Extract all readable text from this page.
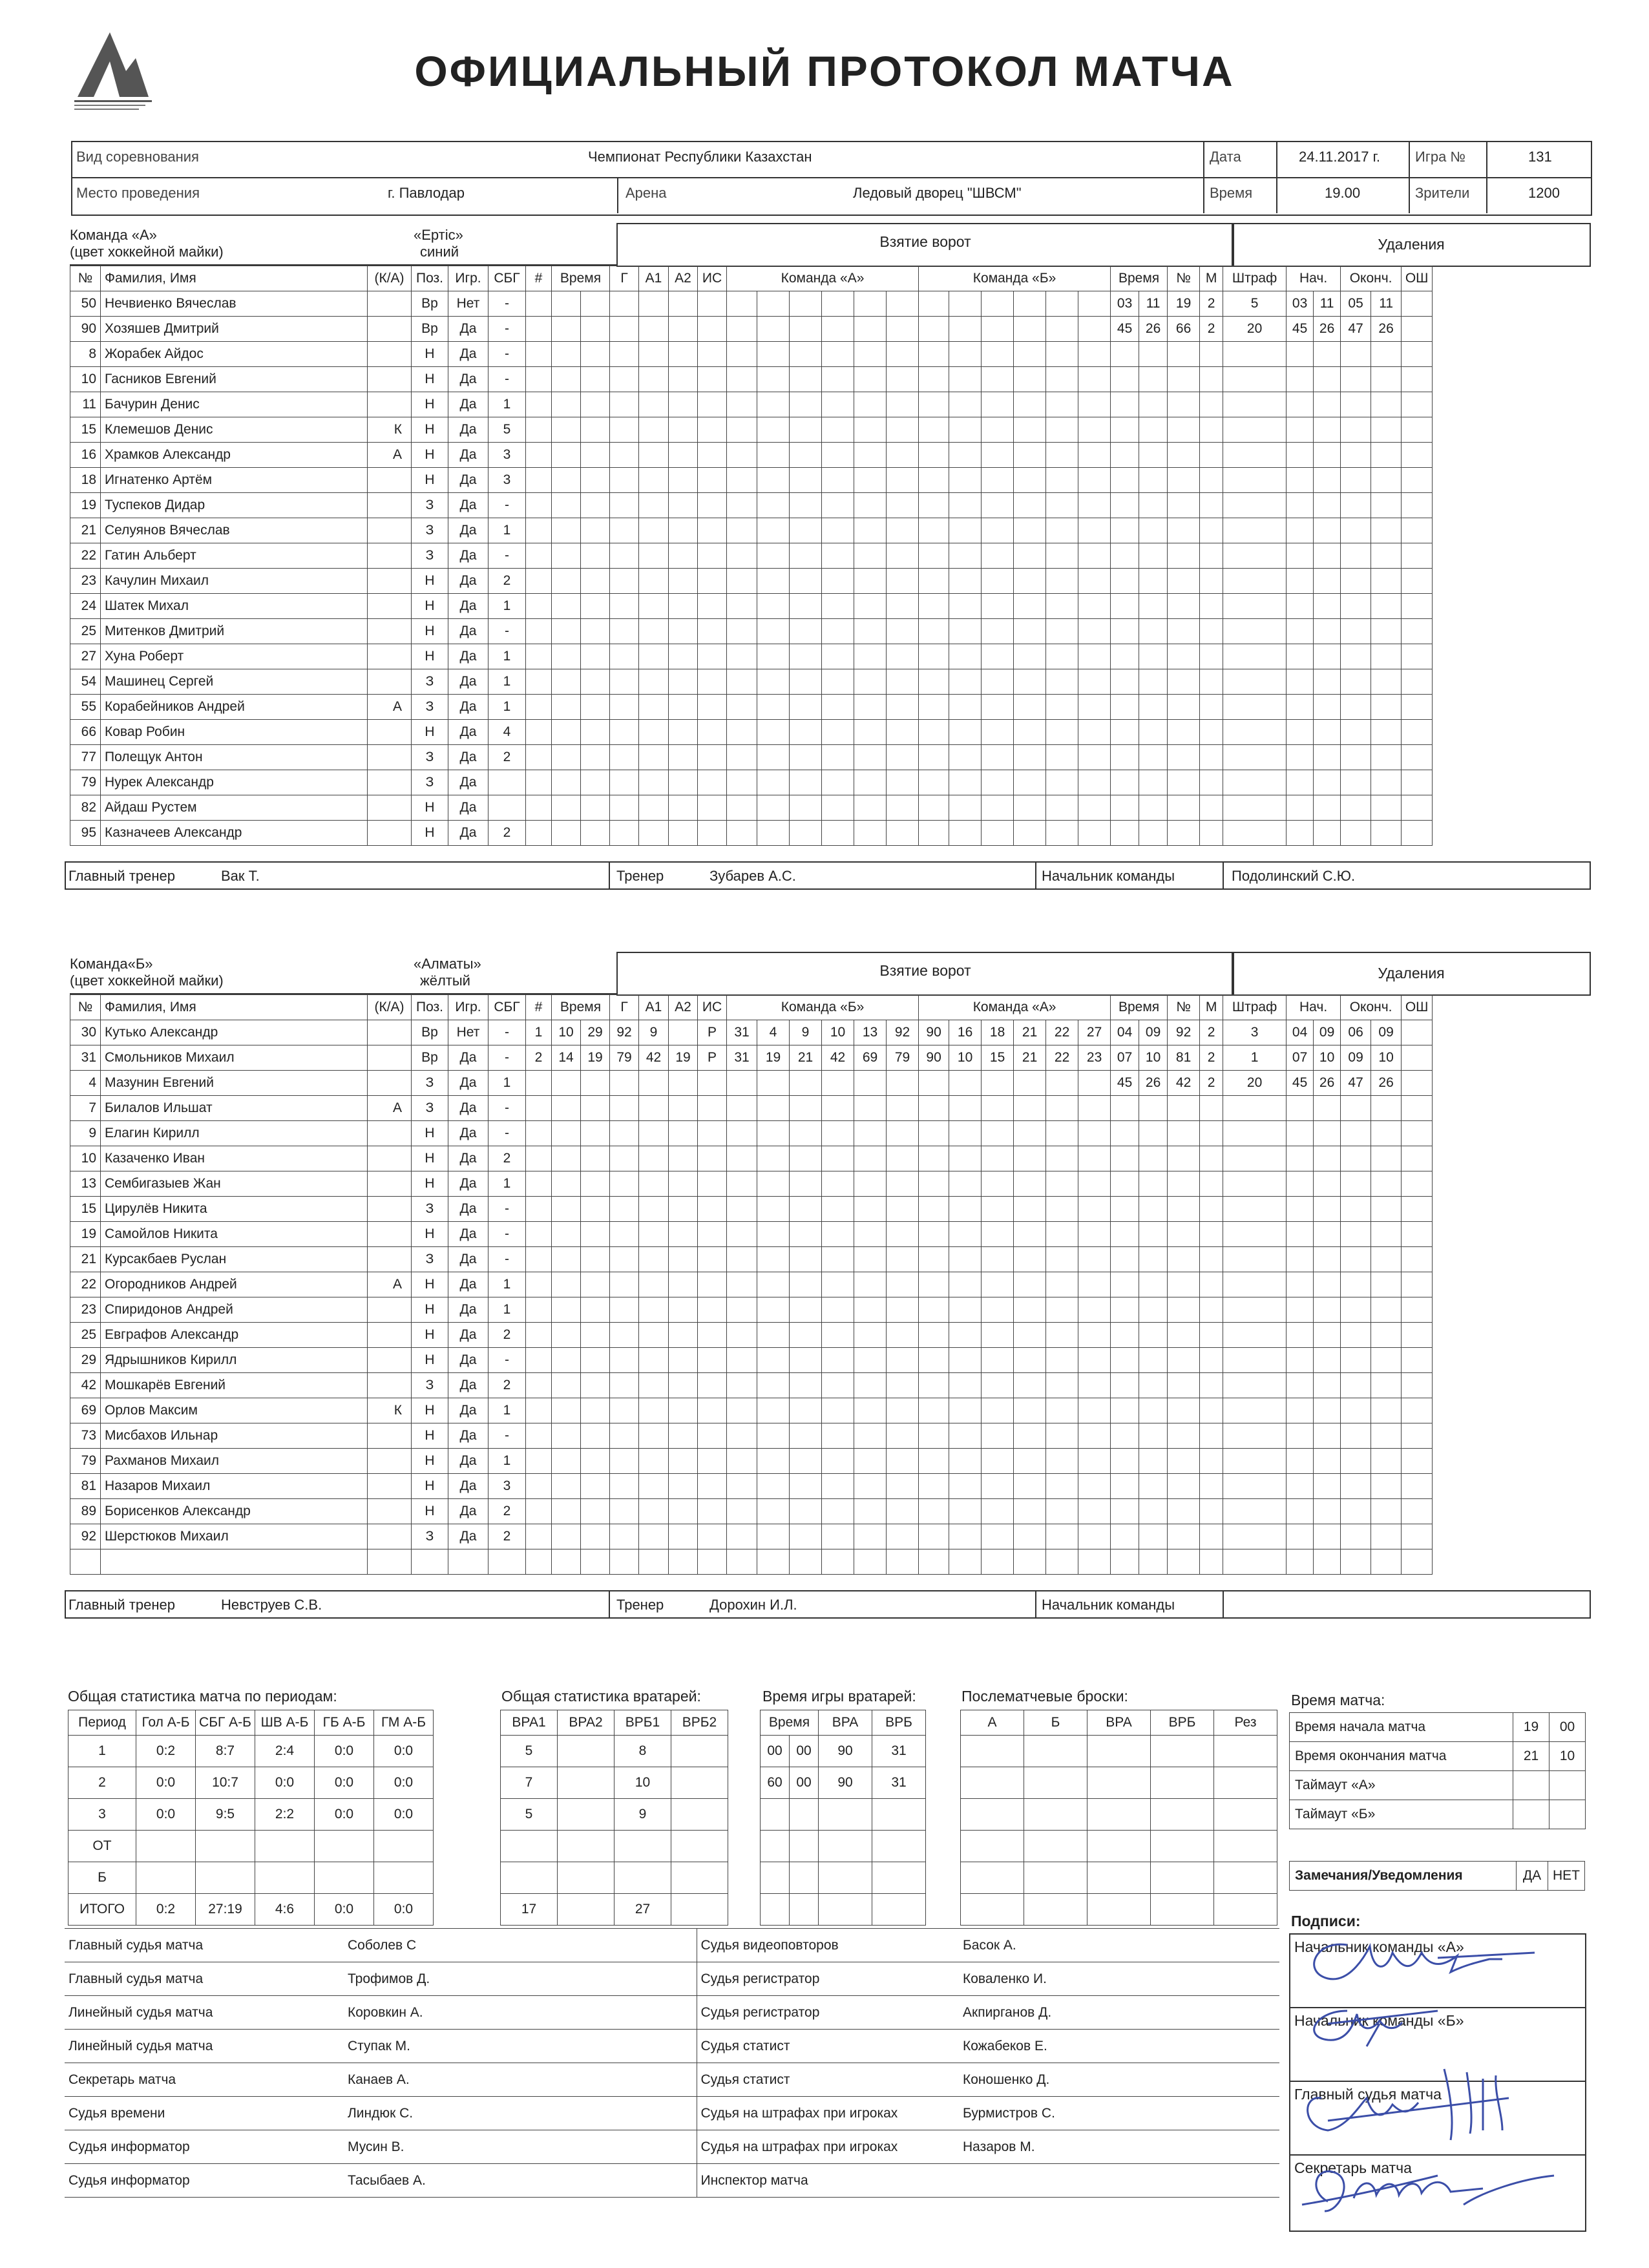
ОФИЦИАЛЬНЫЙ ПРОТОКОЛ МАТЧА
Вид соревнования	Чемпионат Республики Казахстан	Дата	24.11.2017 г. Игра №	131
Место проведения	г. Павлодар	Арена	Ледовый дворец "ШВСМ"	Время	19.00	Зрители	1200
Команда «А»
(цвет хоккейной майки)
«Ертіс»
синий
Взятие ворот	Удаления
№	Фамилия, Имя	(К/А)	Поз.	Игр.	СБГ	#	Время		Г	А1	А2	ИС	Команда «А»						Команда «Б»						Время		№	М	Штраф	Нач.		Оконч.		ОШ
50	Нечвиенко Вячеслав		Вр	Нет	-																				03	11	19	2	5	03	11	05	11	
90	Хозяшев Дмитрий		Вр	Да	-																				45	26	66	2	20	45	26	47	26	
8	Жорабек Айдос		Н	Да	-																													
10	Гасников Евгений		Н	Да	-																													
11	Бачурин Денис		Н	Да	1																													
15	Клемешов Денис	К	Н	Да	5																													
16	Храмков Александр	А	Н	Да	3																													
18	Игнатенко Артём		Н	Да	3																													
19	Туспеков Дидар		З	Да	-																													
21	Селуянов Вячеслав		З	Да	1																													
22	Гатин Альберт		З	Да	-																													
23	Качулин Михаил		Н	Да	2																													
24	Шатек Михал		Н	Да	1																													
25	Митенков Дмитрий		Н	Да	-																													
27	Хуна Роберт		Н	Да	1																													
54	Машинец Сергей		З	Да	1																													
55	Корабейников Андрей	А	З	Да	1																													
66	Ковар Робин		Н	Да	4																													
77	Полещук Антон		З	Да	2																													
79	Нурек Александр		З	Да																														
82	Айдаш Рустем		Н	Да																														
95	Казначеев Александр		Н	Да	2																													
Главный тренер	Вак Т.	Тренер	Зубарев А.С.	Начальник команды	Подолинский С.Ю.
Команда«Б»
(цвет хоккейной майки)
«Алматы»
жёлтый
Взятие ворот	Удаления
№	Фамилия, Имя	(К/А)	Поз.	Игр.	СБГ	#	Время		Г	А1	А2	ИС	Команда «Б»						Команда «А»						Время		№	М	Штраф	Нач.		Оконч.		ОШ
30	Кутько Александр		Вр	Нет	-	1	10	29	92	9		Р	31	4	9	10	13	92	90	16	18	21	22	27	04	09	92	2	3	04	09	06	09	
31	Смольников Михаил		Вр	Да	-	2	14	19	79	42	19	Р	31	19	21	42	69	79	90	10	15	21	22	23	07	10	81	2	1	07	10	09	10	
4	Мазунин Евгений		З	Да	1																				45	26	42	2	20	45	26	47	26	
7	Билалов Ильшат	А	З	Да	-																													
9	Елагин Кирилл		Н	Да	-																													
10	Казаченко Иван		Н	Да	2																													
13	Сембигазыев Жан		Н	Да	1																													
15	Цирулёв Никита		З	Да	-																													
19	Самойлов Никита		Н	Да	-																													
21	Курсакбаев Руслан		З	Да	-																													
22	Огородников Андрей	А	Н	Да	1																													
23	Спиридонов Андрей		Н	Да	1																													
25	Евграфов Александр		Н	Да	2																													
29	Ядрышников Кирилл		Н	Да	-																													
42	Мошкарёв Евгений		З	Да	2																													
69	Орлов Максим	К	Н	Да	1																													
73	Мисбахов Ильнар		Н	Да	-																													
79	Рахманов Михаил		Н	Да	1																													
81	Назаров Михаил		Н	Да	3																													
89	Борисенков Александр		Н	Да	2																													
92	Шерстюков Михаил		З	Да	2																													

Главный тренер	Невструев С.В.	Тренер	Дорохин И.Л.	Начальник команды
Общая статистика матча по периодам:	Общая статистика вратарей:	Время игры вратарей:	Послематчевые броски:	Время матча:
Период	Гол А-Б	СБГ А-Б	ШВ А-Б	ГБ А-Б	ГМ А-Б
1	0:2	8:7	2:4	0:0	0:0
2	0:0	10:7	0:0	0:0	0:0
3	0:0	9:5	2:2	0:0	0:0
ОТ					
Б					
ИТОГО	0:2	27:19	4:6	0:0	0:0
ВРА1	ВРА2	ВРБ1	ВРБ2
5		8	
7		10	
5		9	

17		27	
Время		ВРА	ВРБ
00	00	90	31
60	00	90	31

А	Б	ВРА	ВРБ	Рез

					Время начала матча	19	00
Время окончания матча	21	10
Таймаут «А»		
Таймаут «Б»		
Замечания/Уведомления	ДА	НЕТ
Главный судья матча	Соболев С	Судья видеоповторов	Басок А.
Главный судья матча	Трофимов Д.	Судья регистратор	Коваленко И.
Линейный судья матча	Коровкин А.	Судья регистратор	Акпирганов Д.
Линейный судья матча	Ступак М.	Судья статист	Кожабеков Е.
Секретарь матча	Канаев А.	Судья статист	Коношенко Д.
Судья времени	Линдюк С.	Судья на штрафах при игроках	Бурмистров С.
Судья информатор	Мусин В.	Судья на штрафах при игроках	Назаров М.
Судья информатор	Тасыбаев А.	Инспектор матча	
Подписи:
Начальник команды «А»
Начальник команды «Б»
Главный судья матча
Секретарь матча
